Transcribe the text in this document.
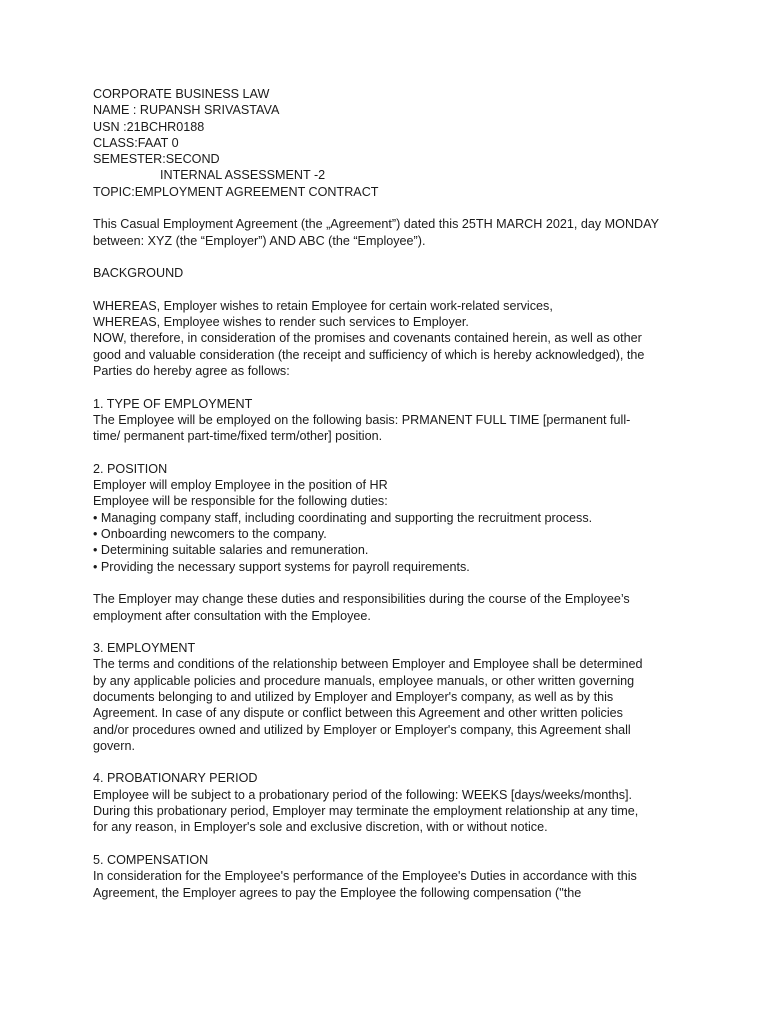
CORPORATE BUSINESS LAW

NAME : RUPANSH SRIVASTAVA

USN :21BCHR0188

CLASS:FAAT 0

SEMESTER:SECOND

INTERNAL ASSESSMENT -2

TOPIC:EMPLOYMENT AGREEMENT CONTRACT

This Casual Employment Agreement (the „Agreement”) dated this 25TH MARCH 2021, day MONDAY

between: XYZ (the “Employer”) AND ABC (the “Employee”).

BACKGROUND

WHEREAS, Employer wishes to retain Employee for certain work-related services,

WHEREAS, Employee wishes to render such services to Employer.

NOW, therefore, in consideration of the promises and covenants contained herein, as well as other

good and valuable consideration (the receipt and sufficiency of which is hereby acknowledged), the

Parties do hereby agree as follows:

1. TYPE OF EMPLOYMENT

The Employee will be employed on the following basis: PRMANENT FULL TIME [permanent full-

time/ permanent part-time/fixed term/other] position.

2. POSITION

Employer will employ Employee in the position of HR

Employee will be responsible for the following duties:

• Managing company staff, including coordinating and supporting the recruitment process.

• Onboarding newcomers to the company.

• Determining suitable salaries and remuneration.

• Providing the necessary support systems for payroll requirements.

The Employer may change these duties and responsibilities during the course of the Employee’s

employment after consultation with the Employee.

3. EMPLOYMENT

The terms and conditions of the relationship between Employer and Employee shall be determined

by any applicable policies and procedure manuals, employee manuals, or other written governing

documents belonging to and utilized by Employer and Employer's company, as well as by this

Agreement. In case of any dispute or conflict between this Agreement and other written policies

and/or procedures owned and utilized by Employer or Employer's company, this Agreement shall

govern.

4. PROBATIONARY PERIOD

Employee will be subject to a probationary period of the following: WEEKS [days/weeks/months].

During this probationary period, Employer may terminate the employment relationship at any time,

for any reason, in Employer's sole and exclusive discretion, with or without notice.

5. COMPENSATION

In consideration for the Employee's performance of the Employee's Duties in accordance with this

Agreement, the Employer agrees to pay the Employee the following compensation ("the
